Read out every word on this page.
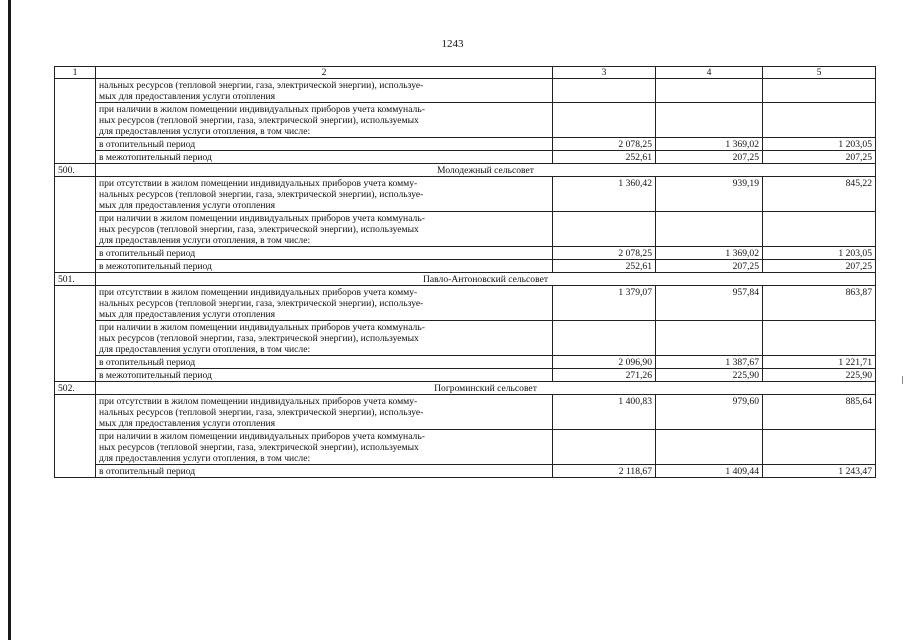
1243
1	2	3	4	5

	нальных ресурсов (тепловой энергии, газа, электрической энергии), используе-
мых для предоставления услуги отопления			

	при наличии в жилом помещении индивидуальных приборов учета коммуналь-
ных ресурсов (тепловой энергии, газа, электрической энергии), используемых
для предоставления услуги отопления, в том числе:			

	в отопительный период	2 078,25	1 369,02	1 203,05

	в межотопительный период	252,61	207,25	207,25
500.	Молодежный сельсовет			

	при отсутствии в жилом помещении индивидуальных приборов учета комму-
нальных ресурсов (тепловой энергии, газа, электрической энергии), используе-
мых для предоставления услуги отопления	1 360,42	939,19	845,22

	при наличии в жилом помещении индивидуальных приборов учета коммуналь-
ных ресурсов (тепловой энергии, газа, электрической энергии), используемых
для предоставления услуги отопления, в том числе:			

	в отопительный период	2 078,25	1 369,02	1 203,05

	в межотопительный период	252,61	207,25	207,25
501.	Павло-Антоновский сельсовет			

	при отсутствии в жилом помещении индивидуальных приборов учета комму-
нальных ресурсов (тепловой энергии, газа, электрической энергии), используе-
мых для предоставления услуги отопления	1 379,07	957,84	863,87

	при наличии в жилом помещении индивидуальных приборов учета коммуналь-
ных ресурсов (тепловой энергии, газа, электрической энергии), используемых
для предоставления услуги отопления, в том числе:			

	в отопительный период	2 096,90	1 387,67	1 221,71

	в межотопительный период	271,26	225,90	225,90
502.	Погроминский сельсовет			

	при отсутствии в жилом помещении индивидуальных приборов учета комму-
нальных ресурсов (тепловой энергии, газа, электрической энергии), используе-
мых для предоставления услуги отопления	1 400,83	979,60	885,64

	при наличии в жилом помещении индивидуальных приборов учета коммуналь-
ных ресурсов (тепловой энергии, газа, электрической энергии), используемых
для предоставления услуги отопления, в том числе:			

	в отопительный период	2 118,67	1 409,44	1 243,47
